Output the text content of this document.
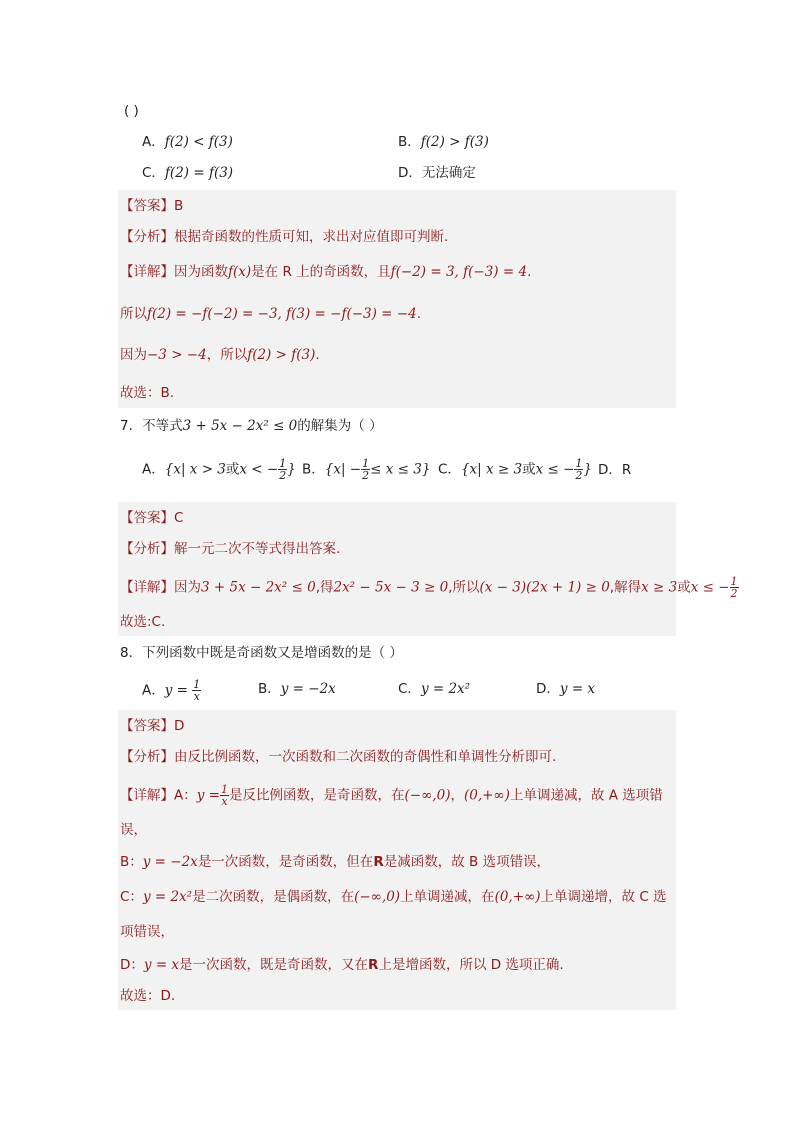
( )
A．f(2) < f(3)	B．f(2) > f(3)
C．f(2) = f(3)	D．无法确定
【答案】B
【分析】根据奇函数的性质可知，求出对应值即可判断.
【详解】因为函数f(x)是在 R 上的奇函数，且f(−2) = 3, f(−3) = 4.
所以f(2) = −f(−2) = −3, f(3) = −f(−3) = −4.
因为−3 > −4，所以f(2) > f(3).
故选：B.
7．不等式3 + 5x − 2x² ≤ 0的解集为（ ）
A．{x| x > 3或x < − $\frac{1}{2}$ } B．$\{x| - \frac{1}{2} \le x \le 3\}$ C．{x| x ≥ 3或x ≤ − $\frac{1}{2}$ } D．R
【答案】C
【分析】解一元二次不等式得出答案.
【详解】因为3 + 5x − 2x² ≤ 0,得2x² − 5x − 3 ≥ 0,所以(x − 3)(2x + 1) ≥ 0,解得x ≥ 3或x ≤ − $\frac{1}{2}$
故选:C.
8．下列函数中既是奇函数又是增函数的是（ ）
A．$y = \frac{1}{x}$	B．y = −2x	C．y = 2x²	D．y = x
【答案】D
【分析】由反比例函数，一次函数和二次函数的奇偶性和单调性分析即可.
【详解】A：$y = \frac{1}{x}$ 是反比例函数，是奇函数，在(−∞,0)，(0,+∞)上单调递减，故 A 选项错
误，
B：y = −2x是一次函数，是奇函数，但在R是减函数，故 B 选项错误，
C：y = 2x²是二次函数，是偶函数，在(−∞,0)上单调递减，在(0,+∞)上单调递增，故 C 选
项错误，
D：y = x是一次函数，既是奇函数，又在R上是增函数，所以 D 选项正确.
故选：D.
